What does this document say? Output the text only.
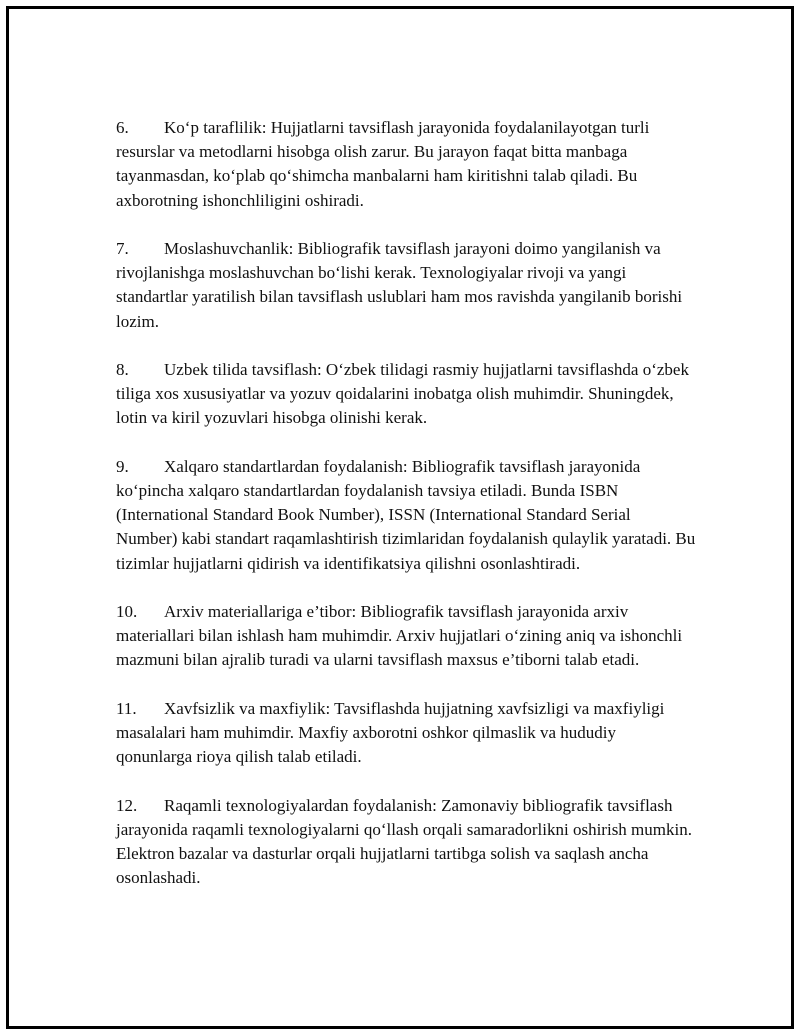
6. Koʻp taraflilik: Hujjatlarni tavsiflash jarayonida foydalanilayotgan turli resurslar va metodlarni hisobga olish zarur. Bu jarayon faqat bitta manbaga tayanmasdan, koʻplab qoʻshimcha manbalarni ham kiritishni talab qiladi. Bu axborotning ishonchliligini oshiradi.

7. Moslashuvchanlik: Bibliografik tavsiflash jarayoni doimo yangilanish va rivojlanishga moslashuvchan boʻlishi kerak. Texnologiyalar rivoji va yangi standartlar yaratilish bilan tavsiflash uslublari ham mos ravishda yangilanib borishi lozim.

8. Uzbek tilida tavsiflash: Oʻzbek tilidagi rasmiy hujjatlarni tavsiflashda oʻzbek tiliga xos xususiyatlar va yozuv qoidalarini inobatga olish muhimdir. Shuningdek, lotin va kiril yozuvlari hisobga olinishi kerak.

9. Xalqaro standartlardan foydalanish: Bibliografik tavsiflash jarayonida koʻpincha xalqaro standartlardan foydalanish tavsiya etiladi. Bunda ISBN (International Standard Book Number), ISSN (International Standard Serial Number) kabi standart raqamlashtirish tizimlaridan foydalanish qulaylik yaratadi. Bu tizimlar hujjatlarni qidirish va identifikatsiya qilishni osonlashtiradi.

10. Arxiv materiallariga e’tibor: Bibliografik tavsiflash jarayonida arxiv materiallari bilan ishlash ham muhimdir. Arxiv hujjatlari oʻzining aniq va ishonchli mazmuni bilan ajralib turadi va ularni tavsiflash maxsus e’tiborni talab etadi.

11. Xavfsizlik va maxfiylik: Tavsiflashda hujjatning xavfsizligi va maxfiyligi masalalari ham muhimdir. Maxfiy axborotni oshkor qilmaslik va hududiy qonunlarga rioya qilish talab etiladi.

12. Raqamli texnologiyalardan foydalanish: Zamonaviy bibliografik tavsiflash jarayonida raqamli texnologiyalarni qoʻllash orqali samaradorlikni oshirish mumkin. Elektron bazalar va dasturlar orqali hujjatlarni tartibga solish va saqlash ancha osonlashadi.
